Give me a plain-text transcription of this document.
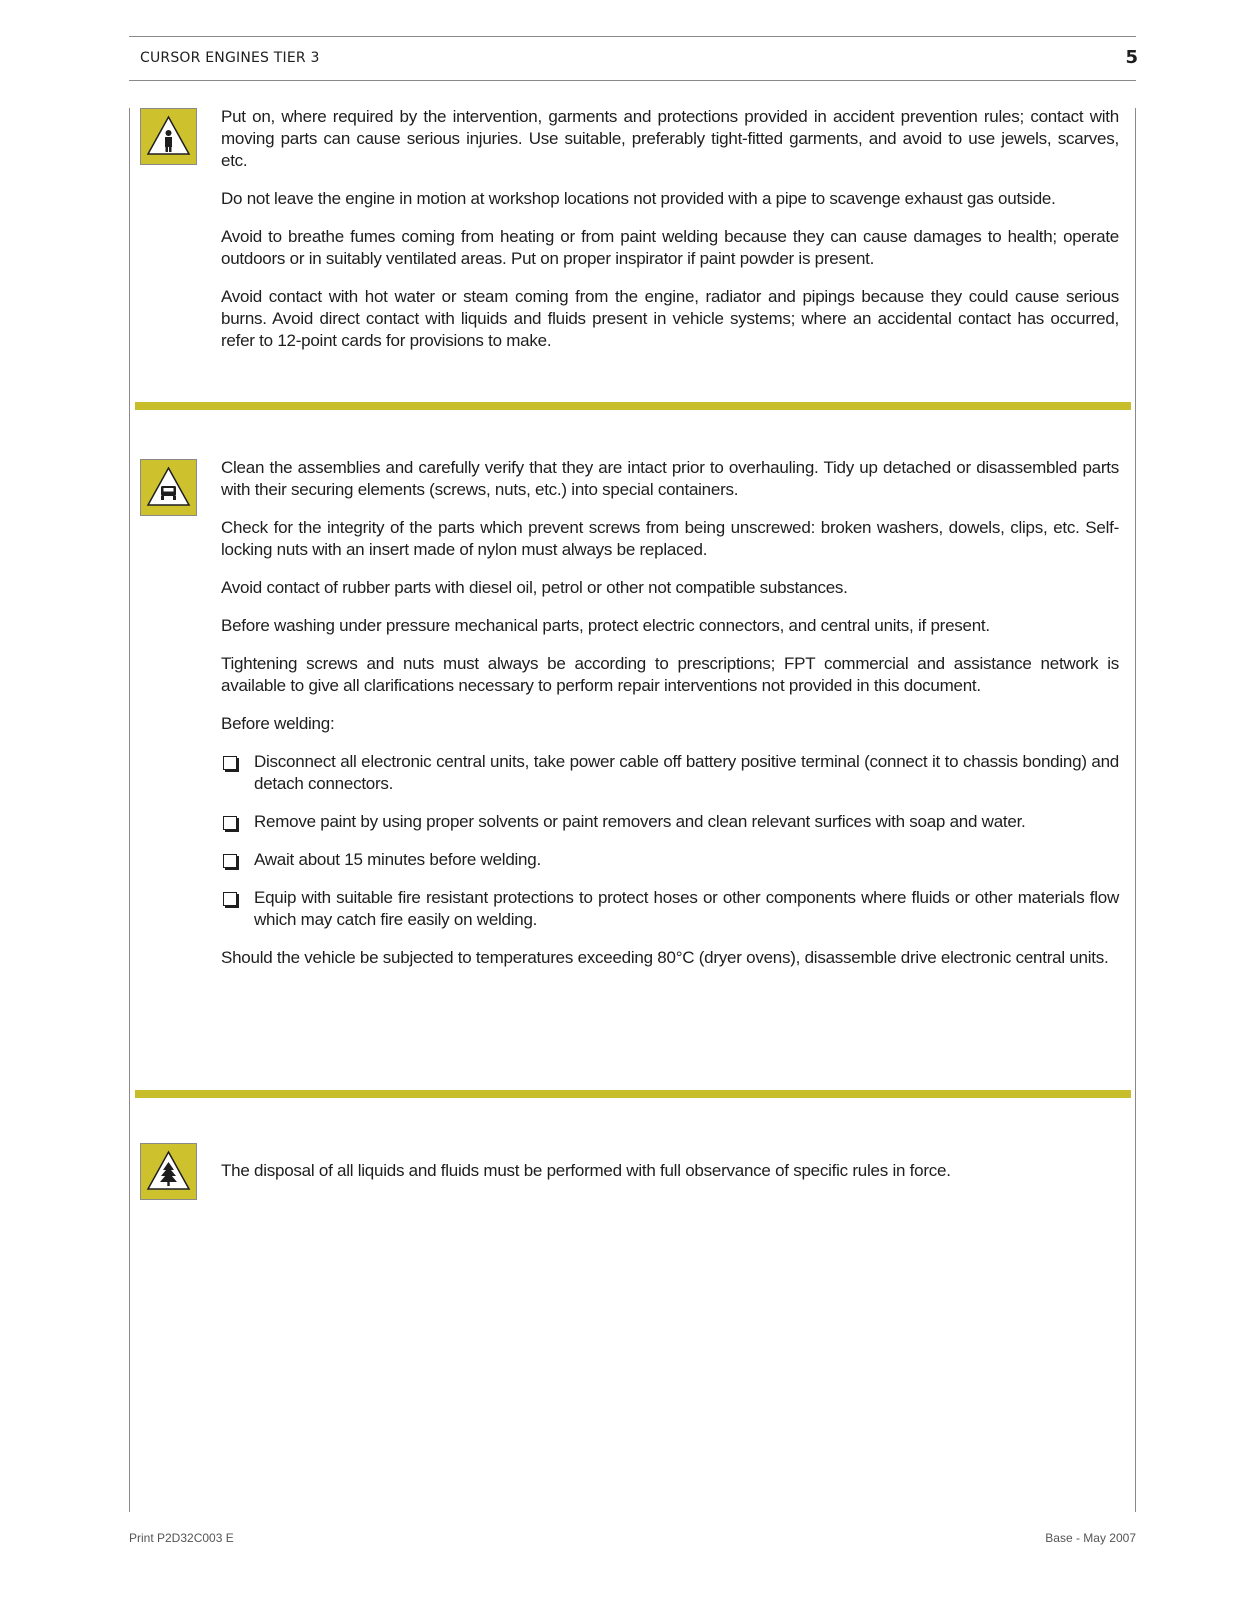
CURSOR ENGINES TIER 3	5

Put on, where required by the intervention, garments and protections provided in accident prevention rules; contact with moving parts can cause serious injuries. Use suitable, preferably tight-fitted garments, and avoid to use jewels, scarves, etc.

Do not leave the engine in motion at workshop locations not provided with a pipe to scavenge exhaust gas outside.

Avoid to breathe fumes coming from heating or from paint welding because they can cause damages to health; operate outdoors or in suitably ventilated areas. Put on proper inspirator if paint powder is present.

Avoid contact with hot water or steam coming from the engine, radiator and pipings because they could cause serious burns. Avoid direct contact with liquids and fluids present in vehicle systems; where an accidental contact has occurred, refer to 12-point cards for provisions to make.

Clean the assemblies and carefully verify that they are intact prior to overhauling. Tidy up detached or disassembled parts with their securing elements (screws, nuts, etc.) into special containers.

Check for the integrity of the parts which prevent screws from being unscrewed: broken washers, dowels, clips, etc. Self-locking nuts with an insert made of nylon must always be replaced.

Avoid contact of rubber parts with diesel oil, petrol or other not compatible substances.

Before washing under pressure mechanical parts, protect electric connectors, and central units, if present.

Tightening screws and nuts must always be according to prescriptions; FPT commercial and assistance network is available to give all clarifications necessary to perform repair interventions not provided in this document.

Before welding:

Disconnect all electronic central units, take power cable off battery positive terminal (connect it to chassis bonding) and detach connectors.
Remove paint by using proper solvents or paint removers and clean relevant surfices with soap and water.
Await about 15 minutes before welding.
Equip with suitable fire resistant protections to protect hoses or other components where fluids or other materials flow which may catch fire easily on welding.

Should the vehicle be subjected to temperatures exceeding 80°C (dryer ovens), disassemble drive electronic central units.

The disposal of all liquids and fluids must be performed with full observance of specific rules in force.

Print P2D32C003 E	Base - May 2007
